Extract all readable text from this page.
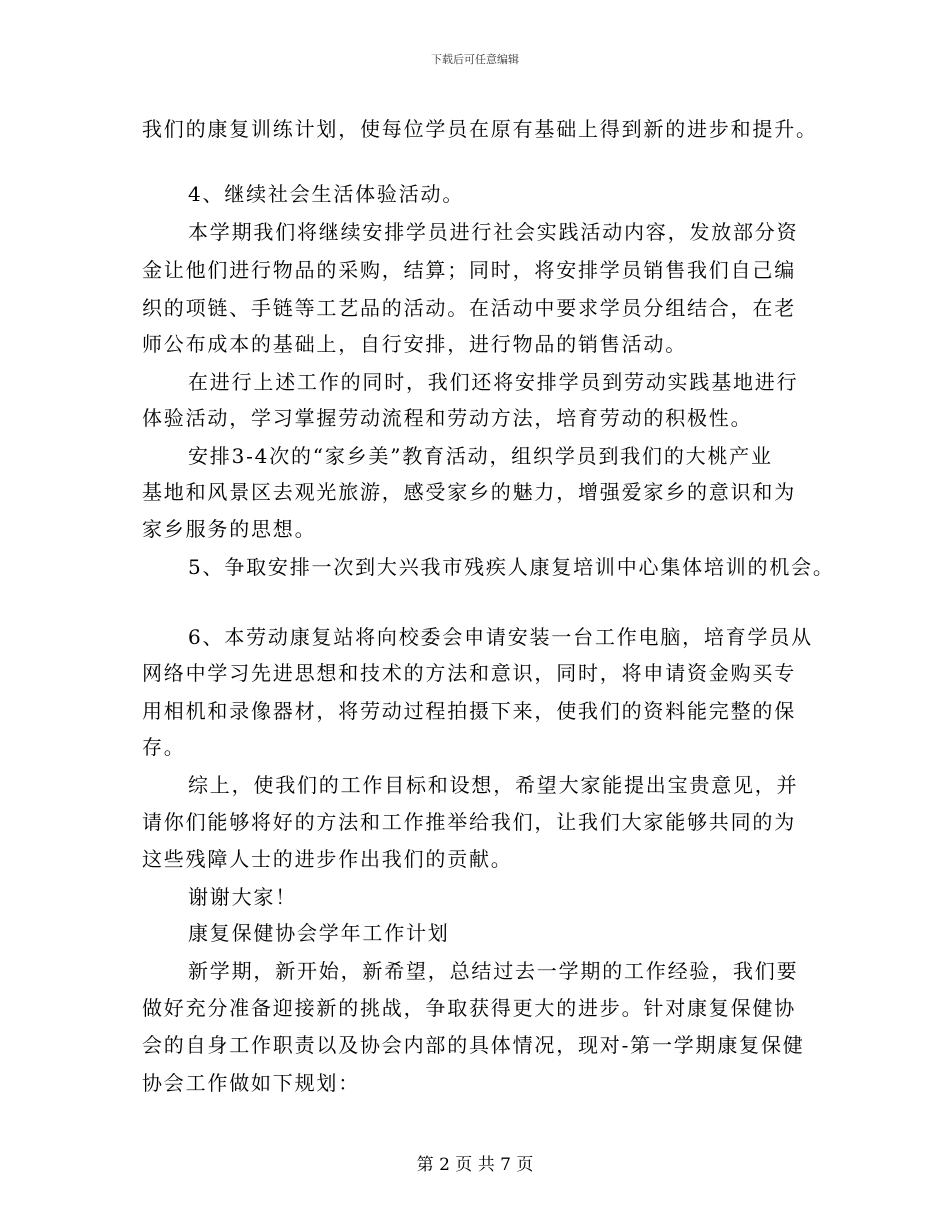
下载后可任意编辑
我们的康复训练计划，使每位学员在原有基础上得到新的进步和提升。
4、继续社会生活体验活动。
本学期我们将继续安排学员进行社会实践活动内容，发放部分资
金让他们进行物品的采购，结算；同时，将安排学员销售我们自己编
织的项链、手链等工艺品的活动。在活动中要求学员分组结合，在老
师公布成本的基础上，自行安排，进行物品的销售活动。
在进行上述工作的同时，我们还将安排学员到劳动实践基地进行
体验活动，学习掌握劳动流程和劳动方法，培育劳动的积极性。
安排3-4次的“家乡美”教育活动，组织学员到我们的大桃产业
基地和风景区去观光旅游，感受家乡的魅力，增强爱家乡的意识和为
家乡服务的思想。
5、争取安排一次到大兴我市残疾人康复培训中心集体培训的机会。
6、本劳动康复站将向校委会申请安装一台工作电脑，培育学员从
网络中学习先进思想和技术的方法和意识，同时，将申请资金购买专
用相机和录像器材，将劳动过程拍摄下来，使我们的资料能完整的保
存。
综上，使我们的工作目标和设想，希望大家能提出宝贵意见，并
请你们能够将好的方法和工作推举给我们，让我们大家能够共同的为
这些残障人士的进步作出我们的贡献。
谢谢大家！
康复保健协会学年工作计划
新学期，新开始，新希望，总结过去一学期的工作经验，我们要
做好充分准备迎接新的挑战，争取获得更大的进步。针对康复保健协
会的自身工作职责以及协会内部的具体情况，现对-第一学期康复保健
协会工作做如下规划：
第 2 页 共 7 页
